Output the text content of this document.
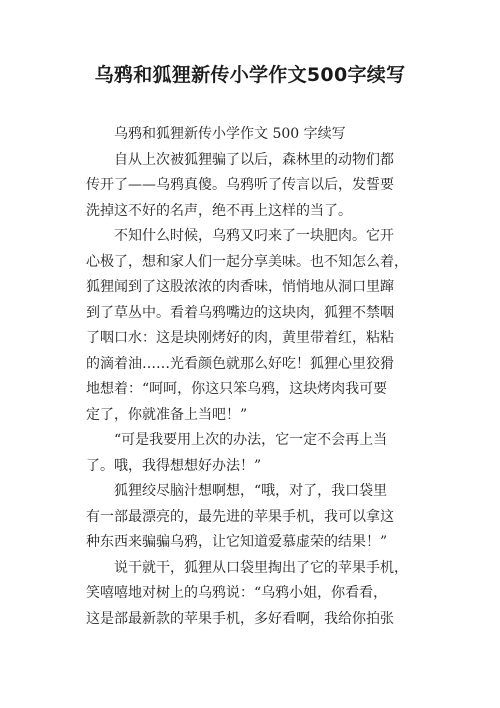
乌鸦和狐狸新传小学作文500字续写
乌鸦和狐狸新传小学作文 500 字续写
自从上次被狐狸骗了以后，森林里的动物们都
传开了——乌鸦真傻。乌鸦听了传言以后，发誓要
洗掉这不好的名声，绝不再上这样的当了。
不知什么时候，乌鸦又叼来了一块肥肉。它开
心极了，想和家人们一起分享美味。也不知怎么着，
狐狸闻到了这股浓浓的肉香味，悄悄地从洞口里蹿
到了草丛中。看着乌鸦嘴边的这块肉，狐狸不禁咽
了咽口水：这是块刚烤好的肉，黄里带着红，粘粘
的滴着油……光看颜色就那么好吃！狐狸心里狡猾
地想着：“呵呵，你这只笨乌鸦，这块烤肉我可要
定了，你就准备上当吧！”
“可是我要用上次的办法，它一定不会再上当
了。哦，我得想想好办法！”
狐狸绞尽脑汁想啊想，“哦，对了，我口袋里
有一部最漂亮的，最先进的苹果手机，我可以拿这
种东西来骗骗乌鸦，让它知道爱慕虚荣的结果！”
说干就干，狐狸从口袋里掏出了它的苹果手机，
笑嘻嘻地对树上的乌鸦说：“乌鸦小姐，你看看，
这是部最新款的苹果手机，多好看啊，我给你拍张
